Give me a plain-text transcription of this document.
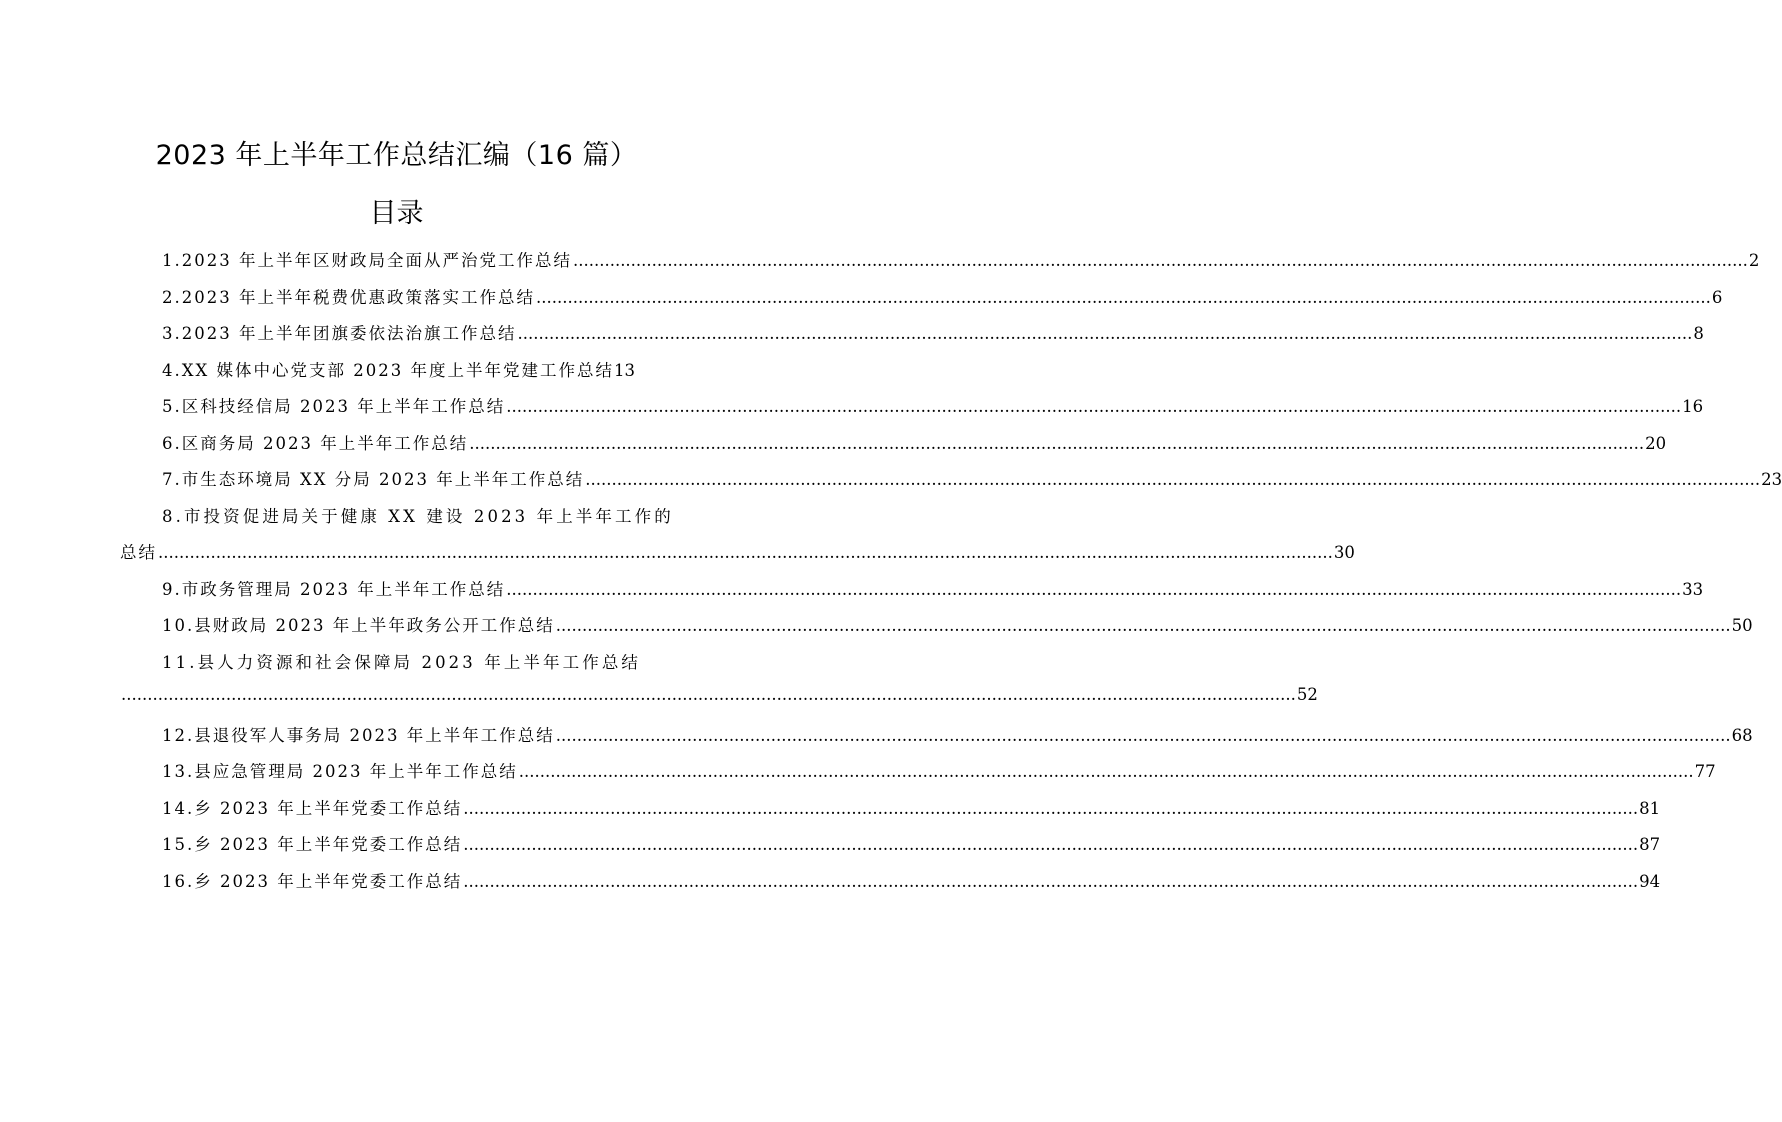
2023 年上半年工作总结汇编（16 篇）
目录
1.2023 年上半年区财政局全面从严治党工作总结 .....	2
2.2023 年上半年税费优惠政策落实工作总结 .....	6
3.2023 年上半年团旗委依法治旗工作总结 .....	8
4.XX 媒体中心党支部 2023 年度上半年党建工作总结 13
5.区科技经信局 2023 年上半年工作总结 .....	16
6.区商务局 2023 年上半年工作总结 .....	20
7.市生态环境局 XX 分局 2023 年上半年工作总结 .....	23
8.市投资促进局关于健康 XX 建设 2023 年上半年工作的
总结 .....	30
9.市政务管理局 2023 年上半年工作总结 .....	33
10.县财政局 2023 年上半年政务公开工作总结 .....	50
11.县人力资源和社会保障局 2023 年上半年工作总结
.....
52
12.县退役军人事务局 2023 年上半年工作总结 .....	68
13.县应急管理局 2023 年上半年工作总结 .....	77
14.乡 2023 年上半年党委工作总结 .....	81
15.乡 2023 年上半年党委工作总结 .....	87
16.乡 2023 年上半年党委工作总结 .....	94
